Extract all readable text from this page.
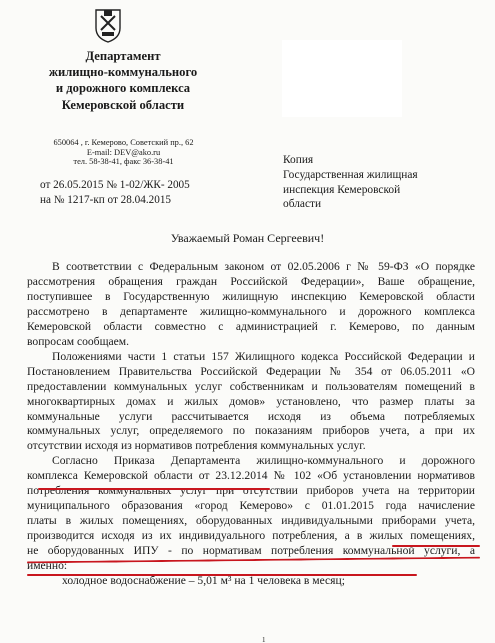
Департамент
жилищно-коммунального
и дорожного комплекса
Кемеровской области
650064 , г. Кемерово, Советский пр., 62
E-mail: DEV@ako.ru
тел. 58-38-41, факс 36-38-41
от 26.05.2015 № 1-02/ЖК- 2005
на № 1217-кп от 28.04.2015
Копия
Государственная жилищная
инспекция Кемеровской
области
Уважаемый Роман Сергеевич!
В соответствии с Федеральным законом от 02.05.2006 г № 59-ФЗ «О порядке
рассмотрения обращения граждан Российской Федерации», Ваше обращение,
поступившее в Государственную жилищную инспекцию Кемеровской области
рассмотрено в департаменте жилищно-коммунального и дорожного комплекса
Кемеровской области совместно с администрацией г. Кемерово, по данным
вопросам сообщаем.
Положениями части 1 статьи 157 Жилищного кодекса Российской Федерации и
Постановлением Правительства Российской Федерации № 354 от 06.05.2011 «О
предоставлении коммунальных услуг собственникам и пользователям помещений в
многоквартирных домах и жилых домов» установлено, что размер платы за
коммунальные услуги рассчитывается исходя из объема потребляемых
коммунальных услуг, определяемого по показаниям приборов учета, а при их
отсутствии исходя из нормативов потребления коммунальных услуг.
Согласно Приказа Департамента жилищно-коммунального и дорожного
комплекса Кемеровской области от 23.12.2014 № 102 «Об установлении нормативов
потребления коммунальных услуг при отсутствии приборов учета на территории
муниципального образования «город Кемерово» с 01.01.2015 года начисление
платы в жилых помещениях, оборудованных индивидуальными приборами учета,
производится исходя из их индивидуального потребления, а в жилых помещениях,
не оборудованных ИПУ - по нормативам потребления коммунальной услуги, а
именно:
холодное водоснабжение – 5,01 м³ на 1 человека в месяц;
1
